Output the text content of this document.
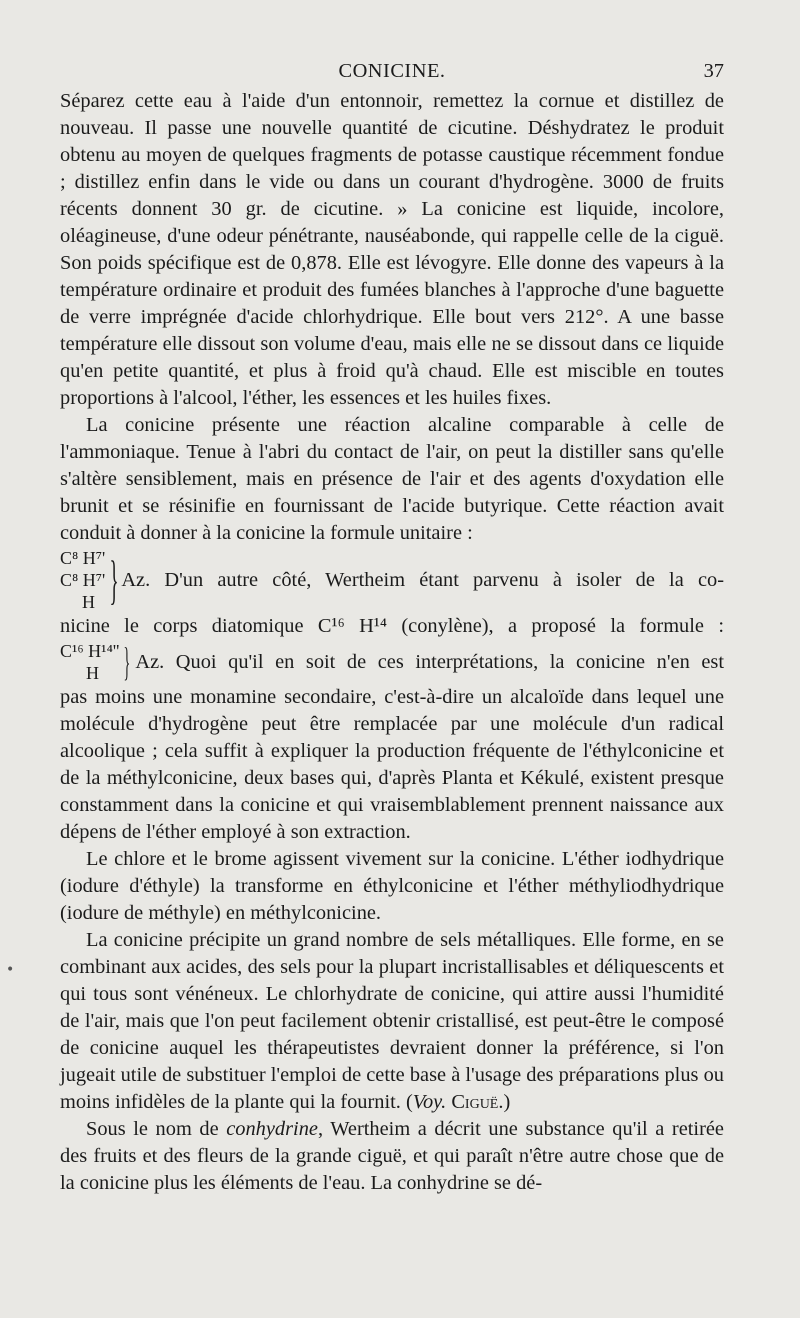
CONICINE.	37

Séparez cette eau à l'aide d'un entonnoir, remettez la cornue et distillez de nouveau. Il passe une nouvelle quantité de cicutine. Déshydratez le produit obtenu au moyen de quelques fragments de potasse caustique récemment fondue ; distillez enfin dans le vide ou dans un courant d'hydrogène. 3000 de fruits récents donnent 30 gr. de cicutine. » La conicine est liquide, incolore, oléagineuse, d'une odeur pénétrante, nauséabonde, qui rappelle celle de la ciguë. Son poids spécifique est de 0,878. Elle est lévogyre. Elle donne des vapeurs à la température ordinaire et produit des fumées blanches à l'approche d'une baguette de verre imprégnée d'acide chlorhydrique. Elle bout vers 212°. A une basse température elle dissout son volume d'eau, mais elle ne se dissout dans ce liquide qu'en petite quantité, et plus à froid qu'à chaud. Elle est miscible en toutes proportions à l'alcool, l'éther, les essences et les huiles fixes.

La conicine présente une réaction alcaline comparable à celle de l'ammoniaque. Tenue à l'abri du contact de l'air, on peut la distiller sans qu'elle s'altère sensiblement, mais en présence de l'air et des agents d'oxydation elle brunit et se résinifie en fournissant de l'acide butyrique. Cette réaction avait conduit à donner à la conicine la formule unitaire :

C⁸ H⁷'
C⁸ H⁷'
H } Az. D'un autre côté, Wertheim étant parvenu à isoler de la co-

nicine le corps diatomique C¹⁶ H¹⁴ (conylène), a proposé la formule :

C¹⁶ H¹⁴''
H } Az. Quoi qu'il en soit de ces interprétations, la conicine n'en est

pas moins une monamine secondaire, c'est-à-dire un alcaloïde dans lequel une molécule d'hydrogène peut être remplacée par une molécule d'un radical alcoolique ; cela suffit à expliquer la production fréquente de l'éthylconicine et de la méthylconicine, deux bases qui, d'après Planta et Kékulé, existent presque constamment dans la conicine et qui vraisemblablement prennent naissance aux dépens de l'éther employé à son extraction.

Le chlore et le brome agissent vivement sur la conicine. L'éther iodhydrique (iodure d'éthyle) la transforme en éthylconicine et l'éther méthyliodhydrique (iodure de méthyle) en méthylconicine.

La conicine précipite un grand nombre de sels métalliques. Elle forme, en se combinant aux acides, des sels pour la plupart incristallisables et déliquescents et qui tous sont vénéneux. Le chlorhydrate de conicine, qui attire aussi l'humidité de l'air, mais que l'on peut facilement obtenir cristallisé, est peut-être le composé de conicine auquel les thérapeutistes devraient donner la préférence, si l'on jugeait utile de substituer l'emploi de cette base à l'usage des préparations plus ou moins infidèles de la plante qui la fournit. (Voy. Ciguë.)

Sous le nom de conhydrine, Wertheim a décrit une substance qu'il a retirée des fruits et des fleurs de la grande ciguë, et qui paraît n'être autre chose que de la conicine plus les éléments de l'eau. La conhydrine se dé-

•
